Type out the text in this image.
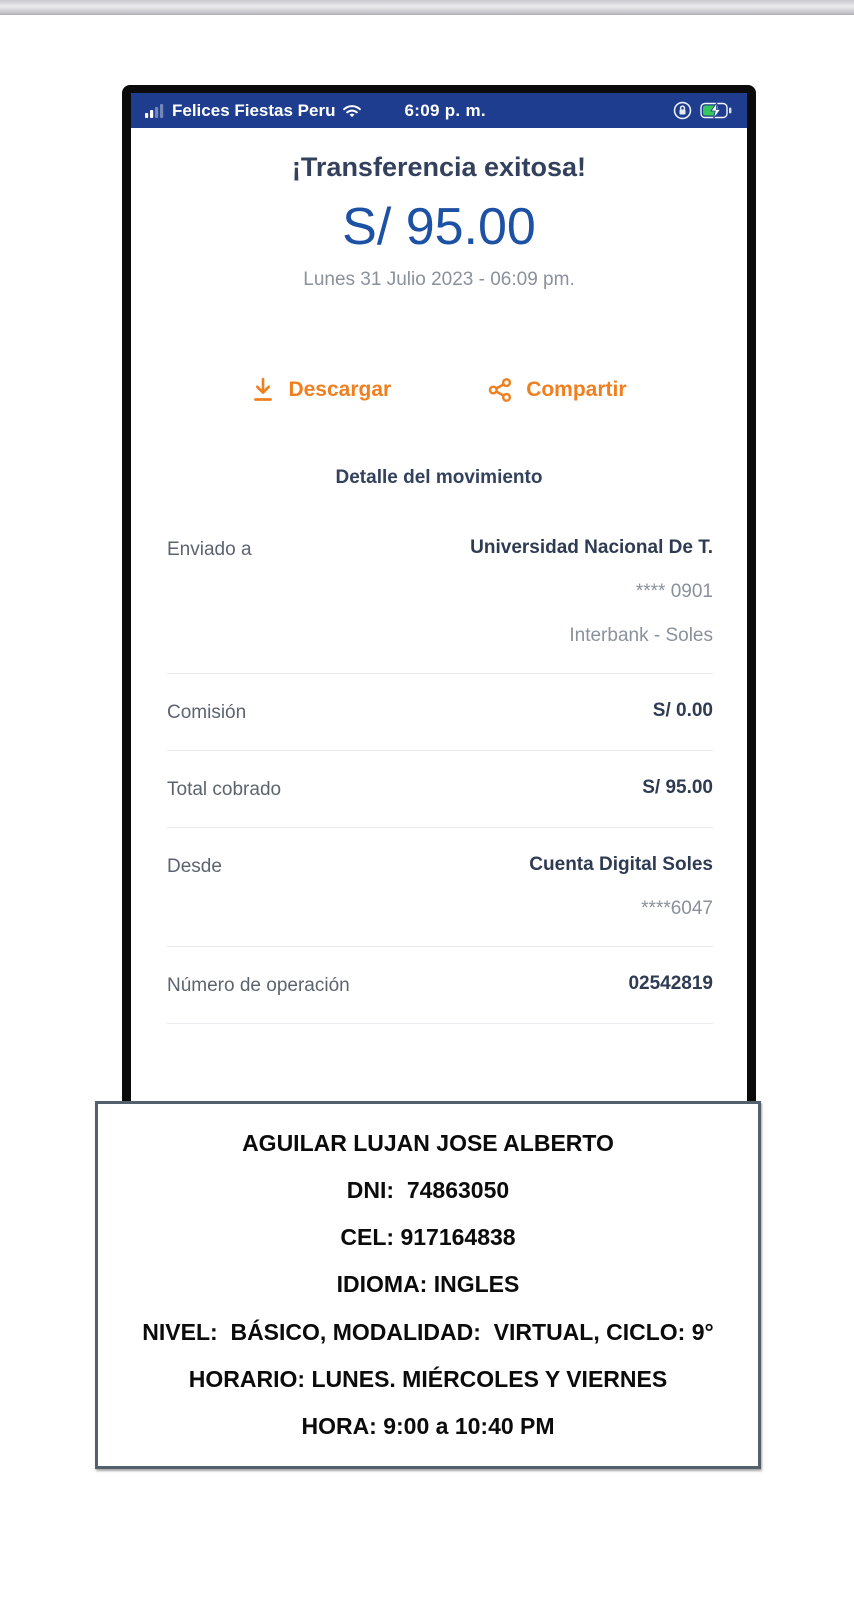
Felices Fiestas Peru	6:09 p. m.
¡Transferencia exitosa!
S/ 95.00
Lunes 31 Julio 2023 - 06:09 pm.
Descargar	Compartir
Detalle del movimiento
Enviado a	Universidad Nacional De T.
**** 0901
Interbank - Soles
Comisión	S/ 0.00
Total cobrado	S/ 95.00
Desde	Cuenta Digital Soles
****6047
Número de operación	02542819
AGUILAR LUJAN JOSE ALBERTO
DNI:  74863050
CEL: 917164838
IDIOMA: INGLES
NIVEL:  BÁSICO, MODALIDAD:  VIRTUAL, CICLO: 9°
HORARIO: LUNES. MIÉRCOLES Y VIERNES
HORA: 9:00 a 10:40 PM
